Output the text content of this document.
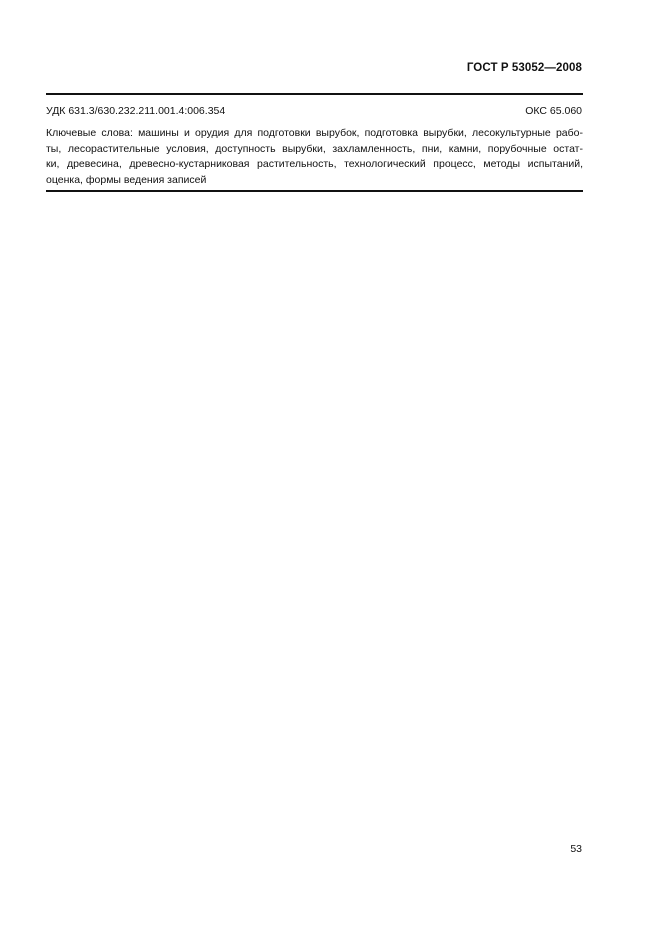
ГОСТ Р 53052—2008
УДК 631.3/630.232.211.001.4:006.354	ОКС 65.060
Ключевые слова: машины и орудия для подготовки вырубок, подготовка вырубки, лесокультурные рабо-
ты, лесорастительные условия, доступность вырубки, захламленность, пни, камни, порубочные остат-
ки, древесина, древесно-кустарниковая растительность, технологический процесс, методы испытаний,
оценка, формы ведения записей
53
